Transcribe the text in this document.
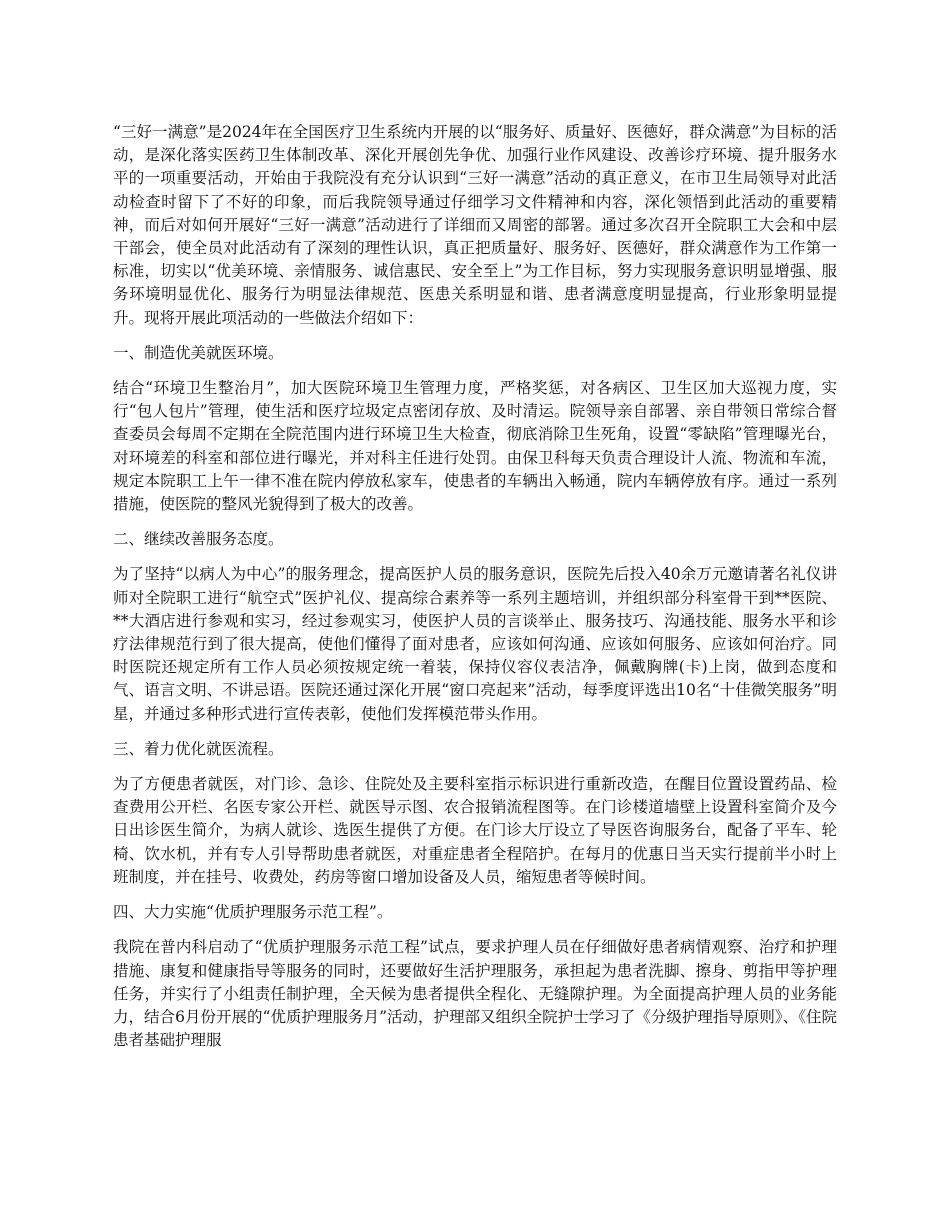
“三好一满意”是2024年在全国医疗卫生系统内开展的以“服务好、质量好、医德好，群众满意”为目标的活动，是深化落实医药卫生体制改革、深化开展创先争优、加强行业作风建设、改善诊疗环境、提升服务水平的一项重要活动，开始由于我院没有充分认识到“三好一满意”活动的真正意义，在市卫生局领导对此活动检查时留下了不好的印象，而后我院领导通过仔细学习文件精神和内容，深化领悟到此活动的重要精神，而后对如何开展好“三好一满意”活动进行了详细而又周密的部署。通过多次召开全院职工大会和中层干部会，使全员对此活动有了深刻的理性认识，真正把质量好、服务好、医德好，群众满意作为工作第一标准，切实以“优美环境、亲情服务、诚信惠民、安全至上”为工作目标，努力实现服务意识明显增强、服务环境明显优化、服务行为明显法律规范、医患关系明显和谐、患者满意度明显提高，行业形象明显提升。现将开展此项活动的一些做法介绍如下：

一、制造优美就医环境。

结合“环境卫生整治月”，加大医院环境卫生管理力度，严格奖惩，对各病区、卫生区加大巡视力度，实行“包人包片”管理，使生活和医疗垃圾定点密闭存放、及时清运。院领导亲自部署、亲自带领日常综合督查委员会每周不定期在全院范围内进行环境卫生大检查，彻底消除卫生死角，设置“零缺陷”管理曝光台，对环境差的科室和部位进行曝光，并对科主任进行处罚。由保卫科每天负责合理设计人流、物流和车流，规定本院职工上午一律不准在院内停放私家车，使患者的车辆出入畅通，院内车辆停放有序。通过一系列措施，使医院的整风光貌得到了极大的改善。

二、继续改善服务态度。

为了坚持“以病人为中心”的服务理念，提高医护人员的服务意识，医院先后投入40余万元邀请著名礼仪讲师对全院职工进行“航空式”医护礼仪、提高综合素养等一系列主题培训，并组织部分科室骨干到**医院、**大酒店进行参观和实习，经过参观实习，使医护人员的言谈举止、服务技巧、沟通技能、服务水平和诊疗法律规范行到了很大提高，使他们懂得了面对患者，应该如何沟通、应该如何服务、应该如何治疗。同时医院还规定所有工作人员必须按规定统一着装，保持仪容仪表洁净，佩戴胸牌(卡)上岗，做到态度和气、语言文明、不讲忌语。医院还通过深化开展“窗口亮起来”活动，每季度评选出10名“十佳微笑服务”明星，并通过多种形式进行宣传表彰，使他们发挥模范带头作用。

三、着力优化就医流程。

为了方便患者就医，对门诊、急诊、住院处及主要科室指示标识进行重新改造，在醒目位置设置药品、检查费用公开栏、名医专家公开栏、就医导示图、农合报销流程图等。在门诊楼道墙壁上设置科室简介及今日出诊医生简介，为病人就诊、选医生提供了方便。在门诊大厅设立了导医咨询服务台，配备了平车、轮椅、饮水机，并有专人引导帮助患者就医，对重症患者全程陪护。在每月的优惠日当天实行提前半小时上班制度，并在挂号、收费处，药房等窗口增加设备及人员，缩短患者等候时间。

四、大力实施“优质护理服务示范工程”。

我院在普内科启动了“优质护理服务示范工程”试点，要求护理人员在仔细做好患者病情观察、治疗和护理措施、康复和健康指导等服务的同时，还要做好生活护理服务，承担起为患者洗脚、擦身、剪指甲等护理任务，并实行了小组责任制护理，全天候为患者提供全程化、无缝隙护理。为全面提高护理人员的业务能力，结合6月份开展的“优质护理服务月”活动，护理部又组织全院护士学习了《分级护理指导原则》、《住院患者基础护理服
